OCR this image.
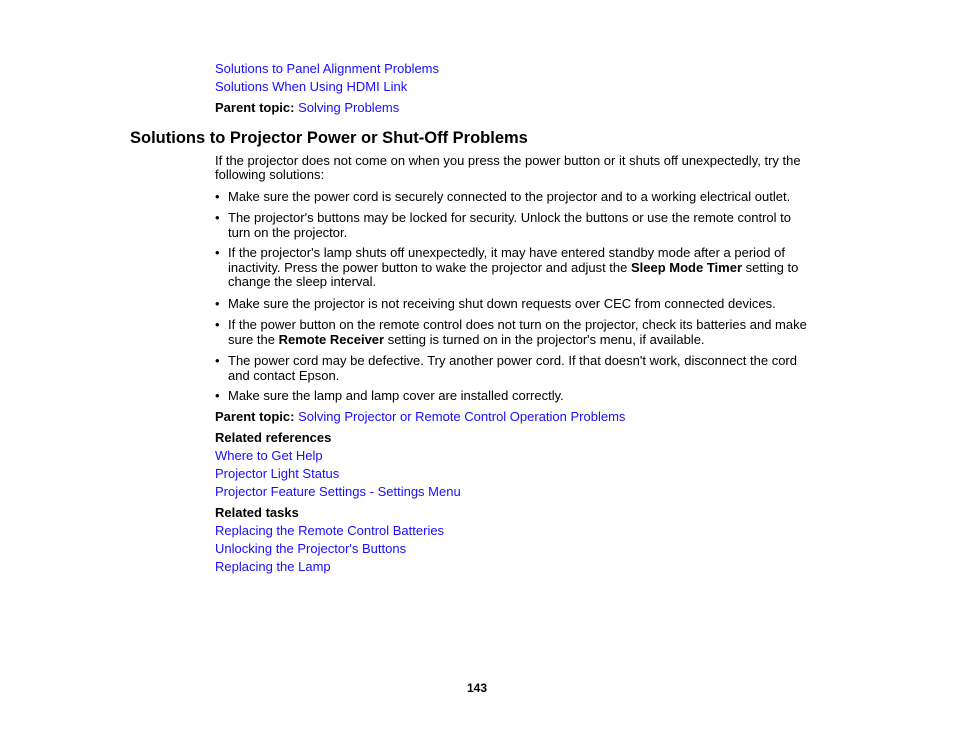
Solutions to Panel Alignment Problems
Solutions When Using HDMI Link
Parent topic: Solving Problems
Solutions to Projector Power or Shut-Off Problems
If the projector does not come on when you press the power button or it shuts off unexpectedly, try the
following solutions:
• Make sure the power cord is securely connected to the projector and to a working electrical outlet.
• The projector's buttons may be locked for security. Unlock the buttons or use the remote control to
turn on the projector.
• If the projector's lamp shuts off unexpectedly, it may have entered standby mode after a period of
inactivity. Press the power button to wake the projector and adjust the Sleep Mode Timer setting to
change the sleep interval.
• Make sure the projector is not receiving shut down requests over CEC from connected devices.
• If the power button on the remote control does not turn on the projector, check its batteries and make
sure the Remote Receiver setting is turned on in the projector's menu, if available.
• The power cord may be defective. Try another power cord. If that doesn't work, disconnect the cord
and contact Epson.
• Make sure the lamp and lamp cover are installed correctly.
Parent topic: Solving Projector or Remote Control Operation Problems
Related references
Where to Get Help
Projector Light Status
Projector Feature Settings - Settings Menu
Related tasks
Replacing the Remote Control Batteries
Unlocking the Projector's Buttons
Replacing the Lamp
143
